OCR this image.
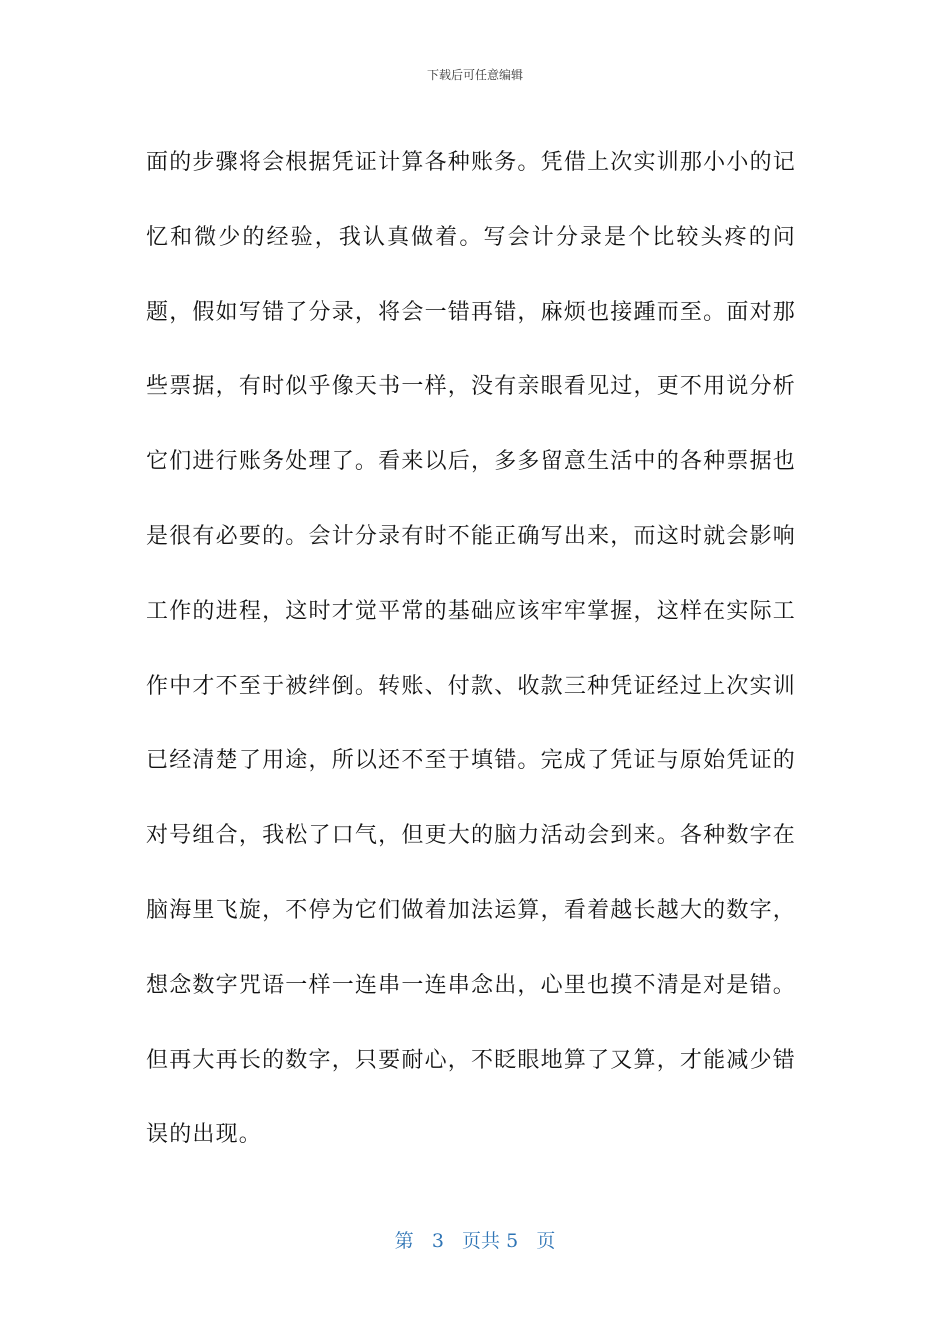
下载后可任意编辑

面的步骤将会根据凭证计算各种账务。凭借上次实训那小小的记忆和微少的经验，我认真做着。写会计分录是个比较头疼的问题，假如写错了分录，将会一错再错，麻烦也接踵而至。面对那些票据，有时似乎像天书一样，没有亲眼看见过，更不用说分析它们进行账务处理了。看来以后，多多留意生活中的各种票据也是很有必要的。会计分录有时不能正确写出来，而这时就会影响工作的进程，这时才觉平常的基础应该牢牢掌握，这样在实际工作中才不至于被绊倒。转账、付款、收款三种凭证经过上次实训已经清楚了用途，所以还不至于填错。完成了凭证与原始凭证的对号组合，我松了口气，但更大的脑力活动会到来。各种数字在脑海里飞旋，不停为它们做着加法运算，看着越长越大的数字，想念数字咒语一样一连串一连串念出，心里也摸不清是对是错。但再大再长的数字，只要耐心，不眨眼地算了又算，才能减少错误的出现。

第 3 页共 5 页
